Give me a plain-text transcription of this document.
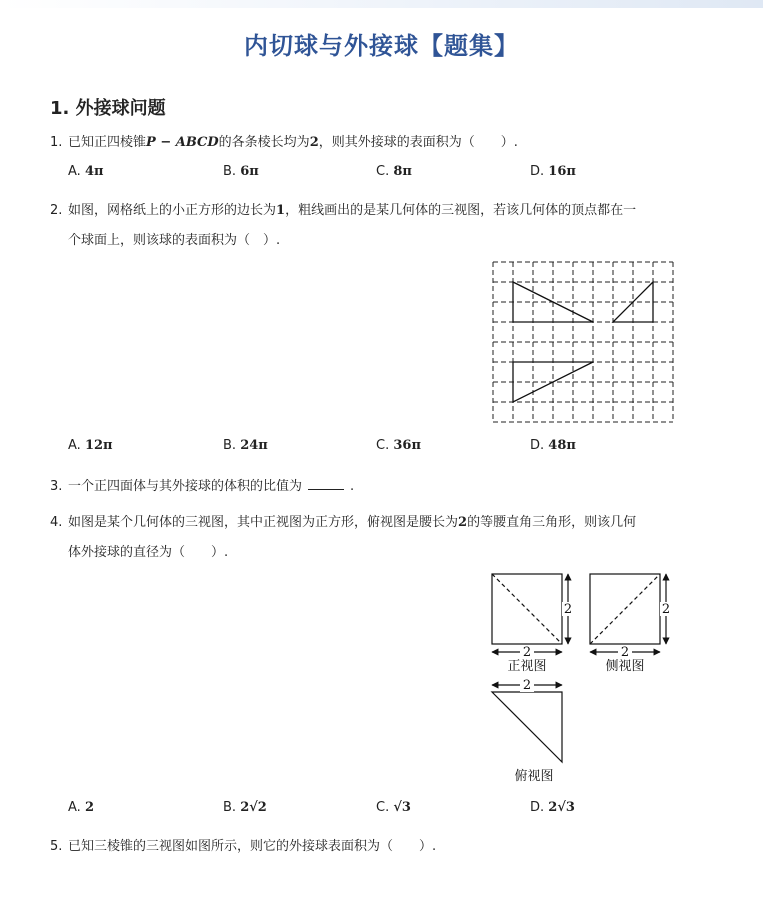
内切球与外接球【题集】
1. 外接球问题
1. 已知正四棱锥P − ABCD的各条棱长均为2，则其外接球的表面积为（　　）.
A. 4π	B. 6π	C. 8π	D. 16π
2. 如图，网格纸上的小正方形的边长为1，粗线画出的是某几何体的三视图，若该几何体的顶点都在一
个球面上，则该球的表面积为（　）.
A. 12π	B. 24π	C. 36π	D. 48π
3. 一个正四面体与其外接球的体积的比值为	.
4. 如图是某个几何体的三视图，其中正视图为正方形，俯视图是腰长为2的等腰直角三角形，则该几何
体外接球的直径为（　　）.
2	2
2
2	2
正视图	侧视图
俯视图
A. 2	B. 2√2	C. √3	D. 2√3
5. 已知三棱锥的三视图如图所示，则它的外接球表面积为（　　）.
